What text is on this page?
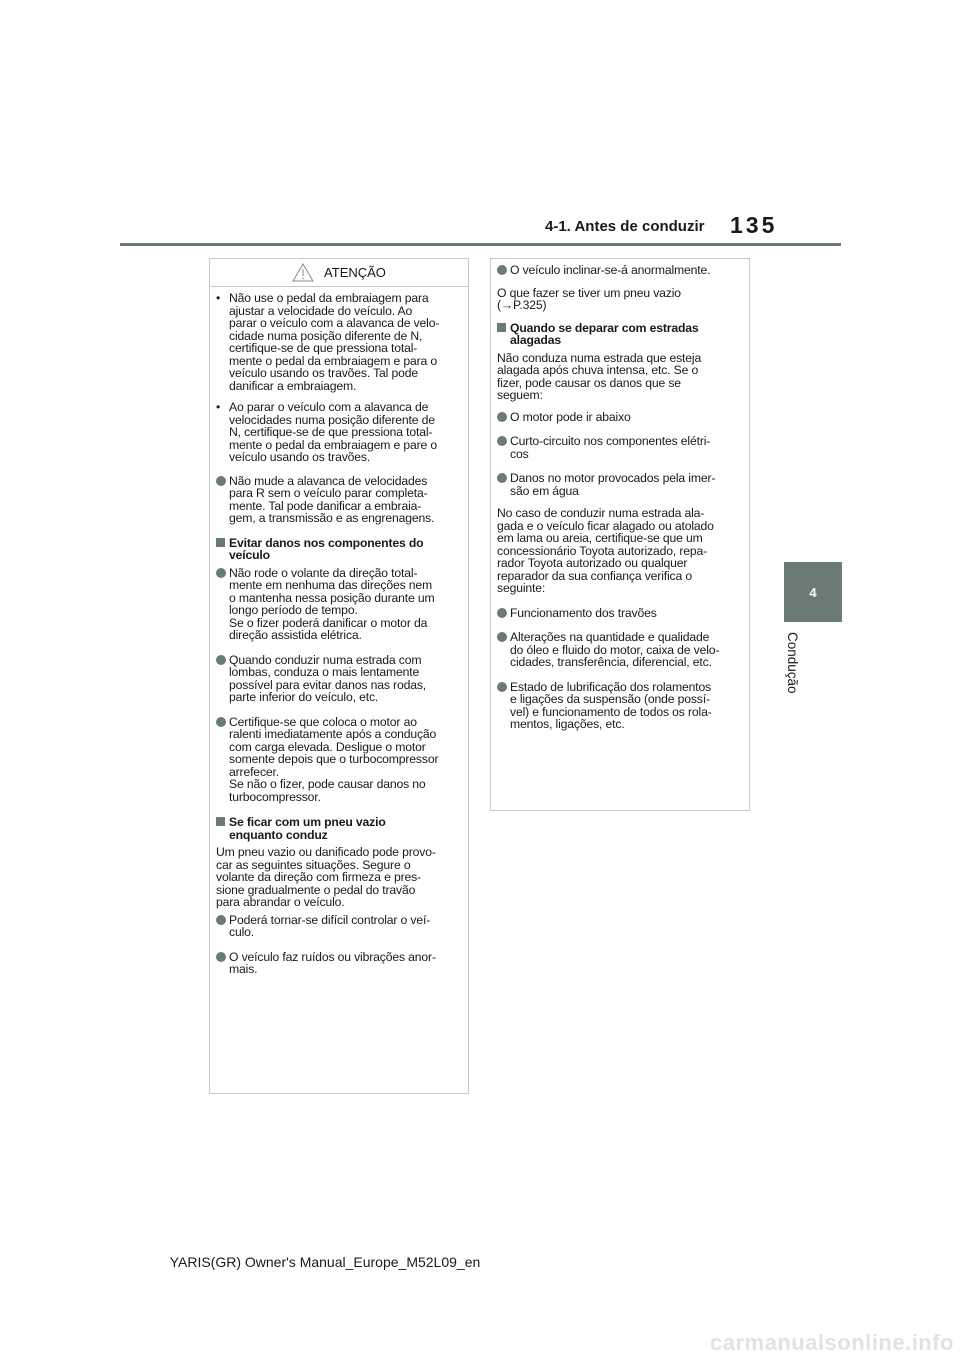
4-1. Antes de conduzir 135
4
Condução
ATENÇÃO
• Não use o pedal da embraiagem para
ajustar a velocidade do veículo. Ao
parar o veículo com a alavanca de velo-
cidade numa posição diferente de N,
certifique-se de que pressiona total-
mente o pedal da embraiagem e para o
veículo usando os travões. Tal pode
danificar a embraiagem.
• Ao parar o veículo com a alavanca de
velocidades numa posição diferente de
N, certifique-se de que pressiona total-
mente o pedal da embraiagem e pare o
veículo usando os travões.
Não mude a alavanca de velocidades
para R sem o veículo parar completa-
mente. Tal pode danificar a embraia-
gem, a transmissão e as engrenagens.
Evitar danos nos componentes do
veículo
Não rode o volante da direção total-
mente em nenhuma das direções nem
o mantenha nessa posição durante um
longo período de tempo.
Se o fizer poderá danificar o motor da
direção assistida elétrica.
Quando conduzir numa estrada com
lombas, conduza o mais lentamente
possível para evitar danos nas rodas,
parte inferior do veículo, etc.
Certifique-se que coloca o motor ao
ralenti imediatamente após a condução
com carga elevada. Desligue o motor
somente depois que o turbocompressor
arrefecer.
Se não o fizer, pode causar danos no
turbocompressor.
Se ficar com um pneu vazio
enquanto conduz
Um pneu vazio ou danificado pode provo-
car as seguintes situações. Segure o
volante da direção com firmeza e pres-
sione gradualmente o pedal do travão
para abrandar o veículo.
Poderá tornar-se difícil controlar o veí-
culo.
O veículo faz ruídos ou vibrações anor-
mais.
O veículo inclinar-se-á anormalmente.
O que fazer se tiver um pneu vazio
(→P.325)
Quando se deparar com estradas
alagadas
Não conduza numa estrada que esteja
alagada após chuva intensa, etc. Se o
fizer, pode causar os danos que se
seguem:
O motor pode ir abaixo
Curto-circuito nos componentes elétri-
cos
Danos no motor provocados pela imer-
são em água
No caso de conduzir numa estrada ala-
gada e o veículo ficar alagado ou atolado
em lama ou areia, certifique-se que um
concessionário Toyota autorizado, repa-
rador Toyota autorizado ou qualquer
reparador da sua confiança verifica o
seguinte:
Funcionamento dos travões
Alterações na quantidade e qualidade
do óleo e fluido do motor, caixa de velo-
cidades, transferência, diferencial, etc.
Estado de lubrificação dos rolamentos
e ligações da suspensão (onde possí-
vel) e funcionamento de todos os rola-
mentos, ligações, etc.
YARIS(GR) Owner's Manual_Europe_M52L09_en
carmanualsonline.info
